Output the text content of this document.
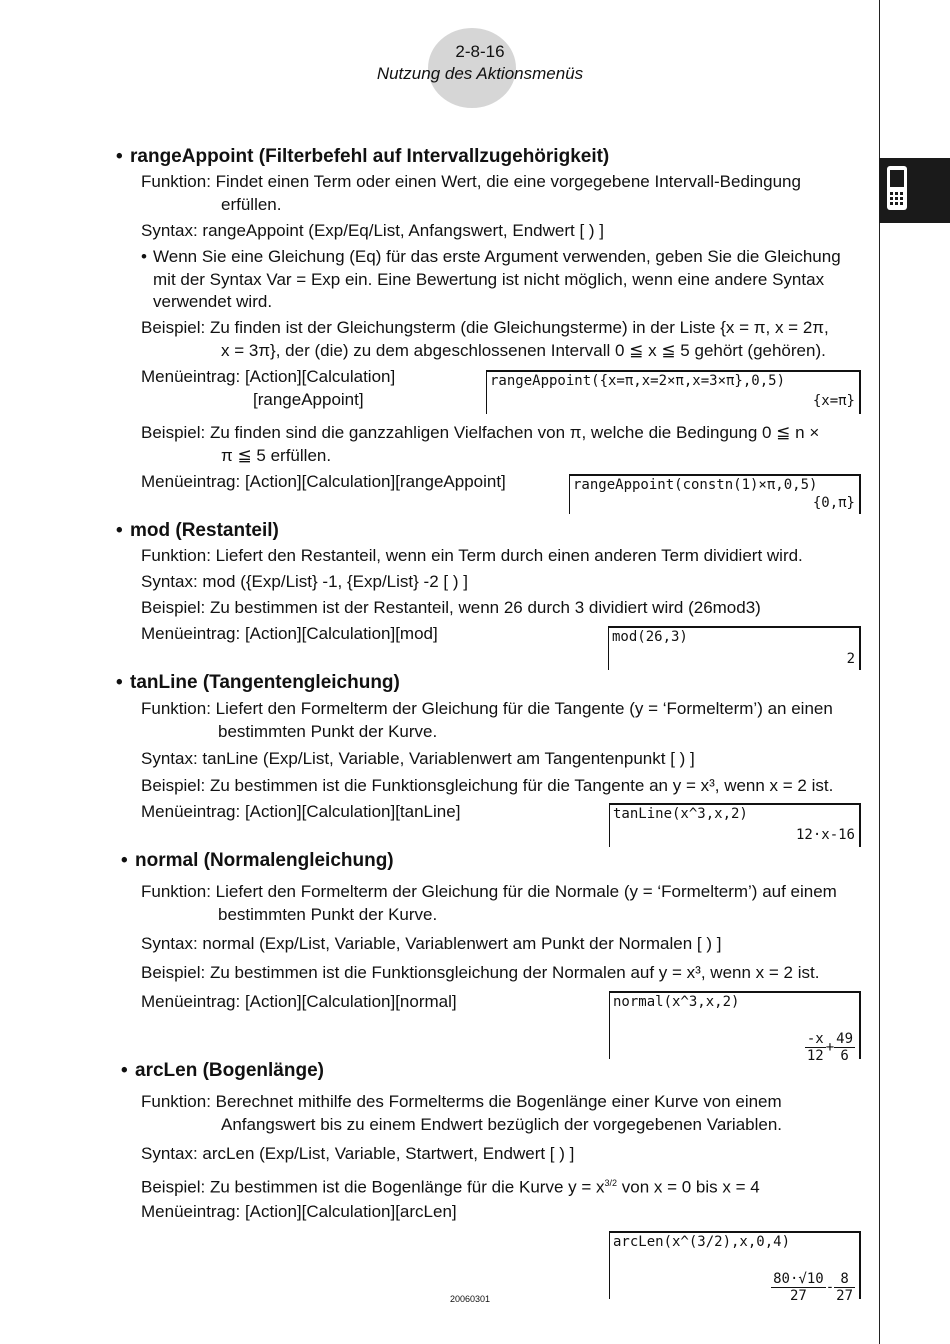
2-8-16
Nutzung des Aktionsmenüs
• rangeAppoint (Filterbefehl auf Intervallzugehörigkeit)
Funktion: Findet einen Term oder einen Wert, die eine vorgegebene Intervall-Bedingung
erfüllen.
Syntax: rangeAppoint (Exp/Eq/List, Anfangswert, Endwert [ ) ]
• Wenn Sie eine Gleichung (Eq) für das erste Argument verwenden, geben Sie die Gleichung
mit der Syntax Var = Exp ein. Eine Bewertung ist nicht möglich, wenn eine andere Syntax
verwendet wird.
Beispiel: Zu finden ist der Gleichungsterm (die Gleichungsterme) in der Liste {x = π, x = 2π,
x = 3π}, der (die) zu dem abgeschlossenen Intervall 0 ≦ x ≦ 5 gehört (gehören).
Menüeintrag: [Action][Calculation]
[rangeAppoint]
rangeAppoint({x=π,x=2×π,x=3×π},0,5)
{x=π}
Beispiel: Zu finden sind die ganzzahligen Vielfachen von π, welche die Bedingung 0 ≦ n ×
π ≦ 5 erfüllen.
Menüeintrag: [Action][Calculation][rangeAppoint]	rangeAppoint(constn(1)×π,0,5)
{0,π}
• mod (Restanteil)
Funktion: Liefert den Restanteil, wenn ein Term durch einen anderen Term dividiert wird.
Syntax: mod ({Exp/List} -1, {Exp/List} -2 [ ) ]
Beispiel: Zu bestimmen ist der Restanteil, wenn 26 durch 3 dividiert wird (26mod3)
Menüeintrag: [Action][Calculation][mod]	mod(26,3)
2
• tanLine (Tangentengleichung)
Funktion: Liefert den Formelterm der Gleichung für die Tangente (y = ‘Formelterm’) an einen
bestimmten Punkt der Kurve.
Syntax: tanLine (Exp/List, Variable, Variablenwert am Tangentenpunkt [ ) ]
Beispiel: Zu bestimmen ist die Funktionsgleichung für die Tangente an y = x³, wenn x = 2 ist.
Menüeintrag: [Action][Calculation][tanLine]	tanLine(x^3,x,2)
12·x-16
• normal (Normalengleichung)
Funktion: Liefert den Formelterm der Gleichung für die Normale (y = ‘Formelterm’) auf einem
bestimmten Punkt der Kurve.
Syntax: normal (Exp/List, Variable, Variablenwert am Punkt der Normalen [ ) ]
Beispiel: Zu bestimmen ist die Funktionsgleichung der Normalen auf y = x³, wenn x = 2 ist.
Menüeintrag: [Action][Calculation][normal]	normal(x^3,x,2)

$\frac{-x}{12} + \frac{49}{6}$

• arcLen (Bogenlänge)
Funktion: Berechnet mithilfe des Formelterms die Bogenlänge einer Kurve von einem
Anfangswert bis zu einem Endwert bezüglich der vorgegebenen Variablen.
Syntax: arcLen (Exp/List, Variable, Startwert, Endwert [ ) ]
Beispiel: Zu bestimmen ist die Bogenlänge für die Kurve $y = x^{3/2}$ von x = 0 bis x = 4
Menüeintrag: [Action][Calculation][arcLen]
arcLen(x^(3/2),x,0,4)

$\frac{80\cdot√10}{27} - \frac{8}{27}$

20060301
